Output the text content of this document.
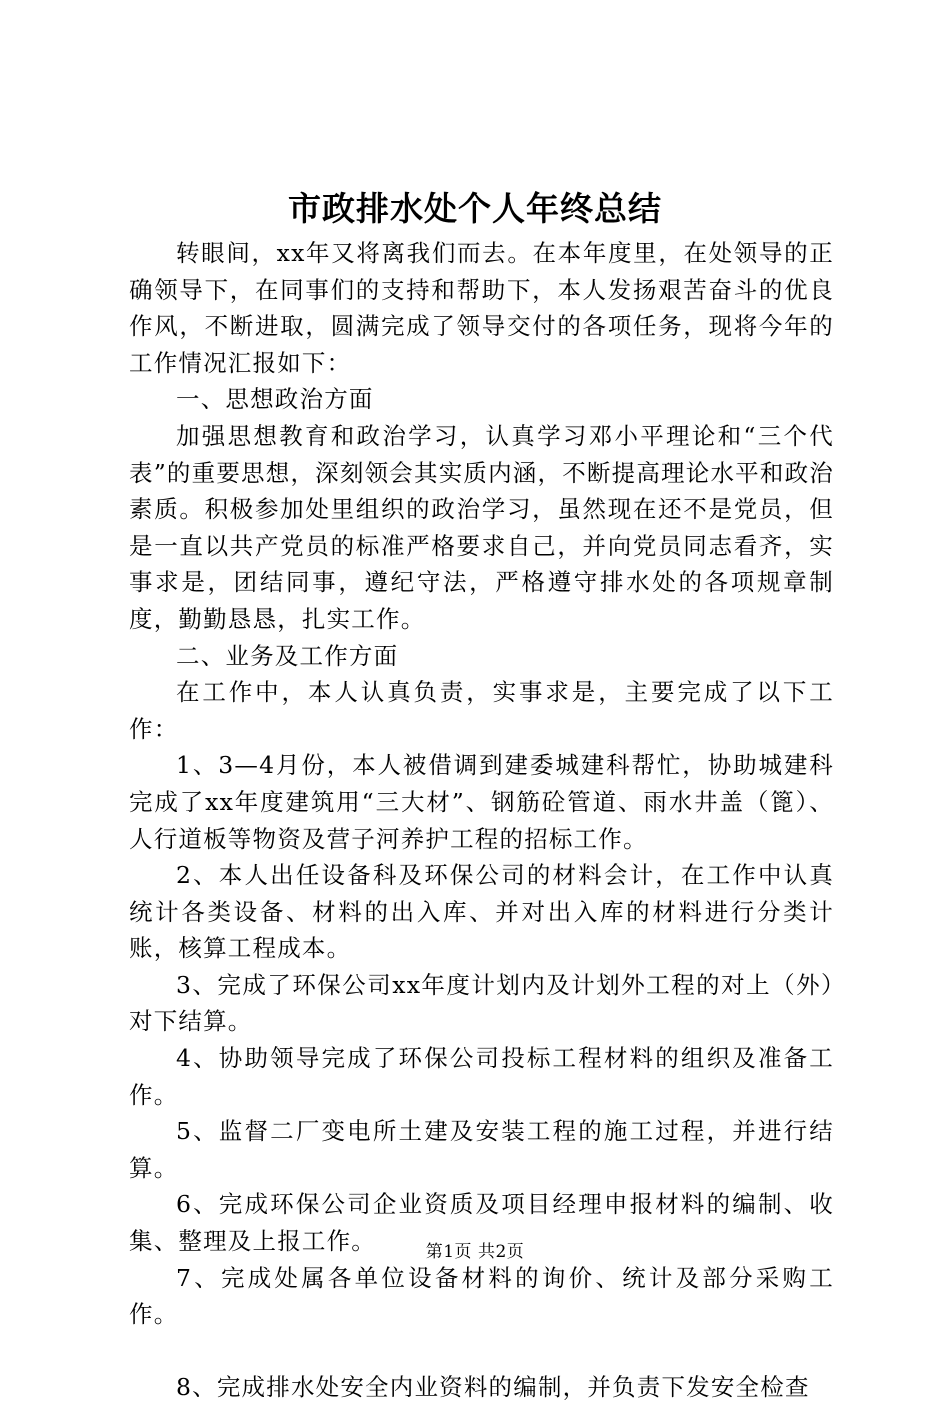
市政排水处个人年终总结

转眼间，xx年又将离我们而去。在本年度里，在处领导的正确领导下，在同事们的支持和帮助下，本人发扬艰苦奋斗的优良作风，不断进取，圆满完成了领导交付的各项任务，现将今年的工作情况汇报如下：

一、思想政治方面

加强思想教育和政治学习，认真学习邓小平理论和“三个代表”的重要思想，深刻领会其实质内涵，不断提高理论水平和政治素质。积极参加处里组织的政治学习，虽然现在还不是党员，但是一直以共产党员的标准严格要求自己，并向党员同志看齐，实事求是，团结同事，遵纪守法，严格遵守排水处的各项规章制度，勤勤恳恳，扎实工作。

二、业务及工作方面

在工作中，本人认真负责，实事求是，主要完成了以下工作：

1、3—4月份，本人被借调到建委城建科帮忙，协助城建科完成了xx年度建筑用“三大材”、钢筋砼管道、雨水井盖（篦）、人行道板等物资及营子河养护工程的招标工作。

2、本人出任设备科及环保公司的材料会计，在工作中认真统计各类设备、材料的出入库、并对出入库的材料进行分类计账，核算工程成本。

3、完成了环保公司xx年度计划内及计划外工程的对上（外）对下结算。

4、协助领导完成了环保公司投标工程材料的组织及准备工作。

5、监督二厂变电所土建及安装工程的施工过程，并进行结算。

6、完成环保公司企业资质及项目经理申报材料的编制、收集、整理及上报工作。

7、完成处属各单位设备材料的询价、统计及部分采购工作。

8、完成排水处安全内业资料的编制，并负责下发安全检查

第1页 共2页
